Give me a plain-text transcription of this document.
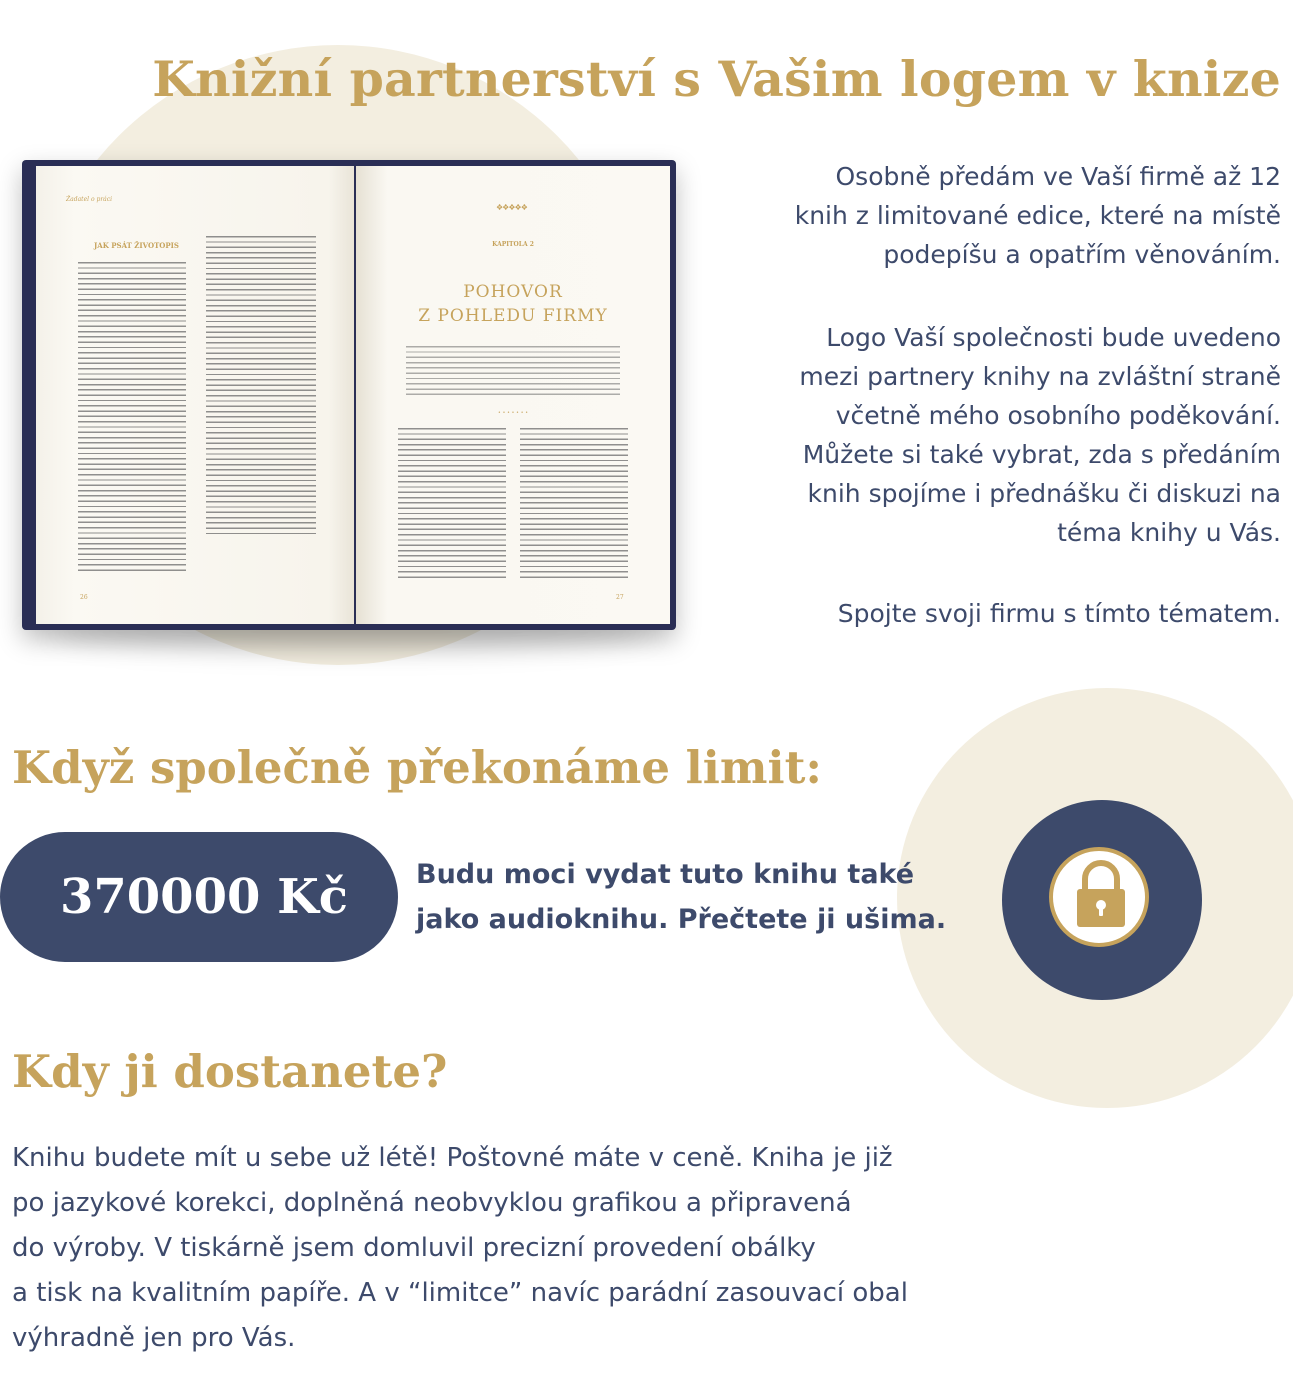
Knižní partnerství s Vašim logem v knize
Žadatel o práci
JAK PSÁT ŽIVOTOPIS
26
❖❖❖❖❖
KAPITOLA 2
POHOVOR
Z POHLEDU FIRMY
• • • • • • •
27
Osobně předám ve Vaší firmě až 12
knih z limitované edice, které na místě
podepíšu a opatřím věnováním.
Logo Vaší společnosti bude uvedeno
mezi partnery knihy na zvláštní straně
včetně mého osobního poděkování.
Můžete si také vybrat, zda s předáním
knih spojíme i přednášku či diskuzi na
téma knihy u Vás.
Spojte svoji firmu s tímto tématem.
Když společně překonáme limit:
370000 Kč	Budu moci vydat tuto knihu také
jako audioknihu. Přečtete ji ušima.
Kdy ji dostanete?
Knihu budete mít u sebe už létě! Poštovné máte v ceně. Kniha je již
po jazykové korekci, doplněná neobvyklou grafikou a připravená
do výroby. V tiskárně jsem domluvil precizní provedení obálky
a tisk na kvalitním papíře. A v “limitce” navíc parádní zasouvací obal
výhradně jen pro Vás.
